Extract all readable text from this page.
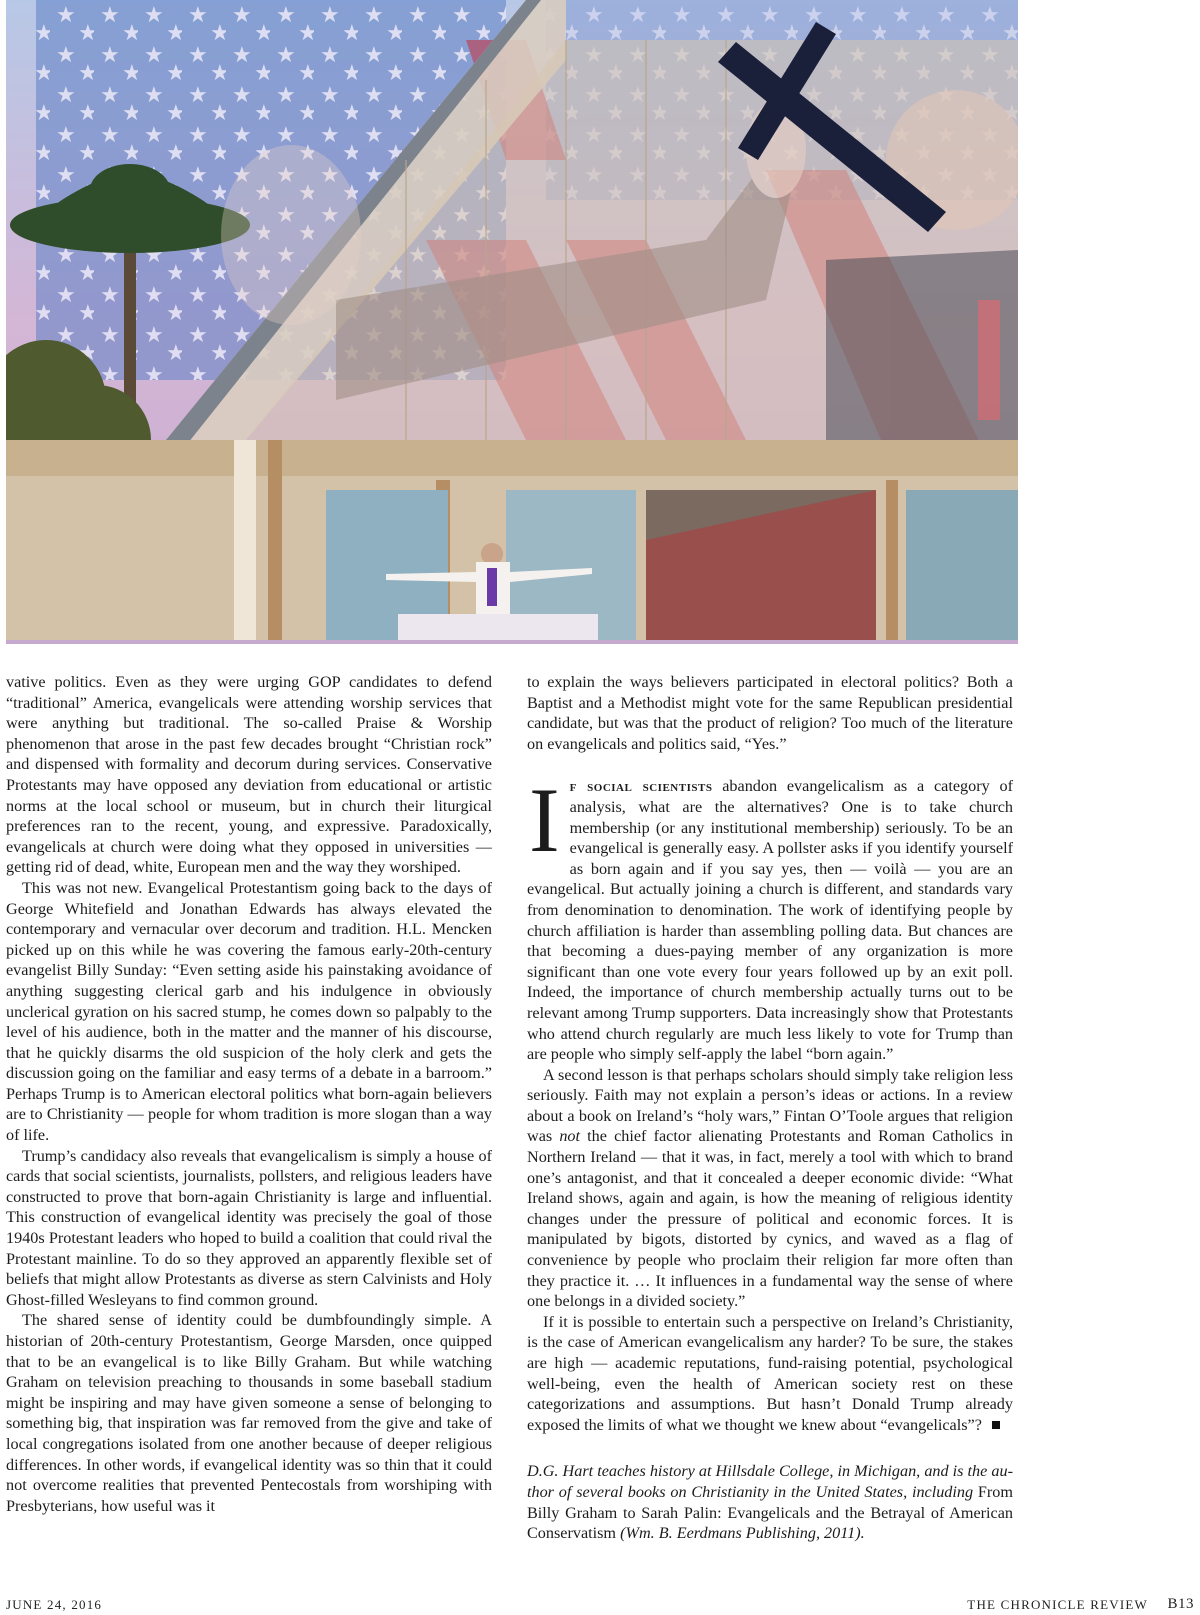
vative politics. Even as they were urging GOP candidates to defend “traditional” America, evangelicals were attending worship services that were anything but traditional. The so-called Praise & Worship phenomenon that arose in the past few decades brought “Christian rock” and dispensed with formality and decorum during services. Conservative Protestants may have opposed any deviation from educational or artistic norms at the local school or museum, but in church their liturgical preferences ran to the recent, young, and expressive. Paradoxically, evangelicals at church were doing what they opposed in universities — getting rid of dead, white, European men and the way they worshiped.

This was not new. Evangelical Protestantism going back to the days of George Whitefield and Jonathan Edwards has always elevated the contemporary and vernacular over decorum and tradition. H.L. Mencken picked up on this while he was covering the famous early-20th-century evangelist Billy Sunday: “Even setting aside his painstaking avoidance of anything suggesting clerical garb and his indulgence in obviously unclerical gyration on his sacred stump, he comes down so palpably to the level of his audience, both in the matter and the manner of his discourse, that he quickly disarms the old suspicion of the holy clerk and gets the discussion going on the familiar and easy terms of a debate in a barroom.” Perhaps Trump is to American electoral politics what born-again believers are to Christianity — people for whom tradition is more slogan than a way of life.

Trump’s candidacy also reveals that evangelicalism is simply a house of cards that social scientists, journalists, pollsters, and religious leaders have constructed to prove that born-again Christianity is large and influential. This construction of evangelical identity was precisely the goal of those 1940s Protestant leaders who hoped to build a coalition that could rival the Protestant mainline. To do so they approved an apparently flexible set of beliefs that might allow Protestants as diverse as stern Calvinists and Holy Ghost-filled Wesleyans to find common ground.

The shared sense of identity could be dumbfoundingly simple. A historian of 20th-century Protestantism, George Marsden, once quipped that to be an evangelical is to like Billy Graham. But while watching Graham on television preaching to thousands in some baseball stadium might be inspiring and may have given someone a sense of belonging to something big, that inspiration was far removed from the give and take of local congregations isolated from one another because of deeper religious differences. In other words, if evangelical identity was so thin that it could not overcome realities that prevented Pentecostals from worshiping with Presbyterians, how useful was it

to explain the ways believers participated in electoral politics? Both a Baptist and a Methodist might vote for the same Republican presidential candidate, but was that the product of religion? Too much of the literature on evangelicals and politics said, “Yes.”

If social scientists abandon evangelicalism as a category of analysis, what are the alternatives? One is to take church membership (or any institutional membership) seriously. To be an evangelical is generally easy. A pollster asks if you identify yourself as born again and if you say yes, then — voilà — you are an evangelical. But actually joining a church is different, and standards vary from denomination to denomination. The work of identifying people by church affiliation is harder than assembling polling data. But chances are that becoming a dues-paying member of any organization is more significant than one vote every four years followed up by an exit poll. Indeed, the importance of church membership actually turns out to be relevant among Trump supporters. Data increasingly show that Protestants who attend church regularly are much less likely to vote for Trump than are people who simply self-apply the label “born again.”

A second lesson is that perhaps scholars should simply take religion less seriously. Faith may not explain a person’s ideas or actions. In a review about a book on Ireland’s “holy wars,” Fintan O’Toole argues that religion was not the chief factor alienating Protestants and Roman Catholics in Northern Ireland — that it was, in fact, merely a tool with which to brand one’s antagonist, and that it concealed a deeper economic divide: “What Ireland shows, again and again, is how the meaning of religious identity changes under the pressure of political and economic forces. It is manipulated by bigots, distorted by cynics, and waved as a flag of convenience by people who proclaim their religion far more often than they practice it. … It influences in a fundamental way the sense of where one belongs in a divided society.”

If it is possible to entertain such a perspective on Ireland’s Christianity, is the case of American evangelicalism any harder? To be sure, the stakes are high — academic reputations, fund-raising potential, psychological well-being, even the health of American society rest on these categorizations and assumptions. But hasn’t Donald Trump already exposed the limits of what we thought we knew about “evangelicals”?

D.G. Hart teaches history at Hillsdale College, in Michigan, and is the author of several books on Christianity in the United States, including From Billy Graham to Sarah Palin: Evangelicals and the Betrayal of American Conservatism (Wm. B. Eerdmans Publishing, 2011).

JUNE 24, 2016	THE CHRONICLE REVIEW B13
